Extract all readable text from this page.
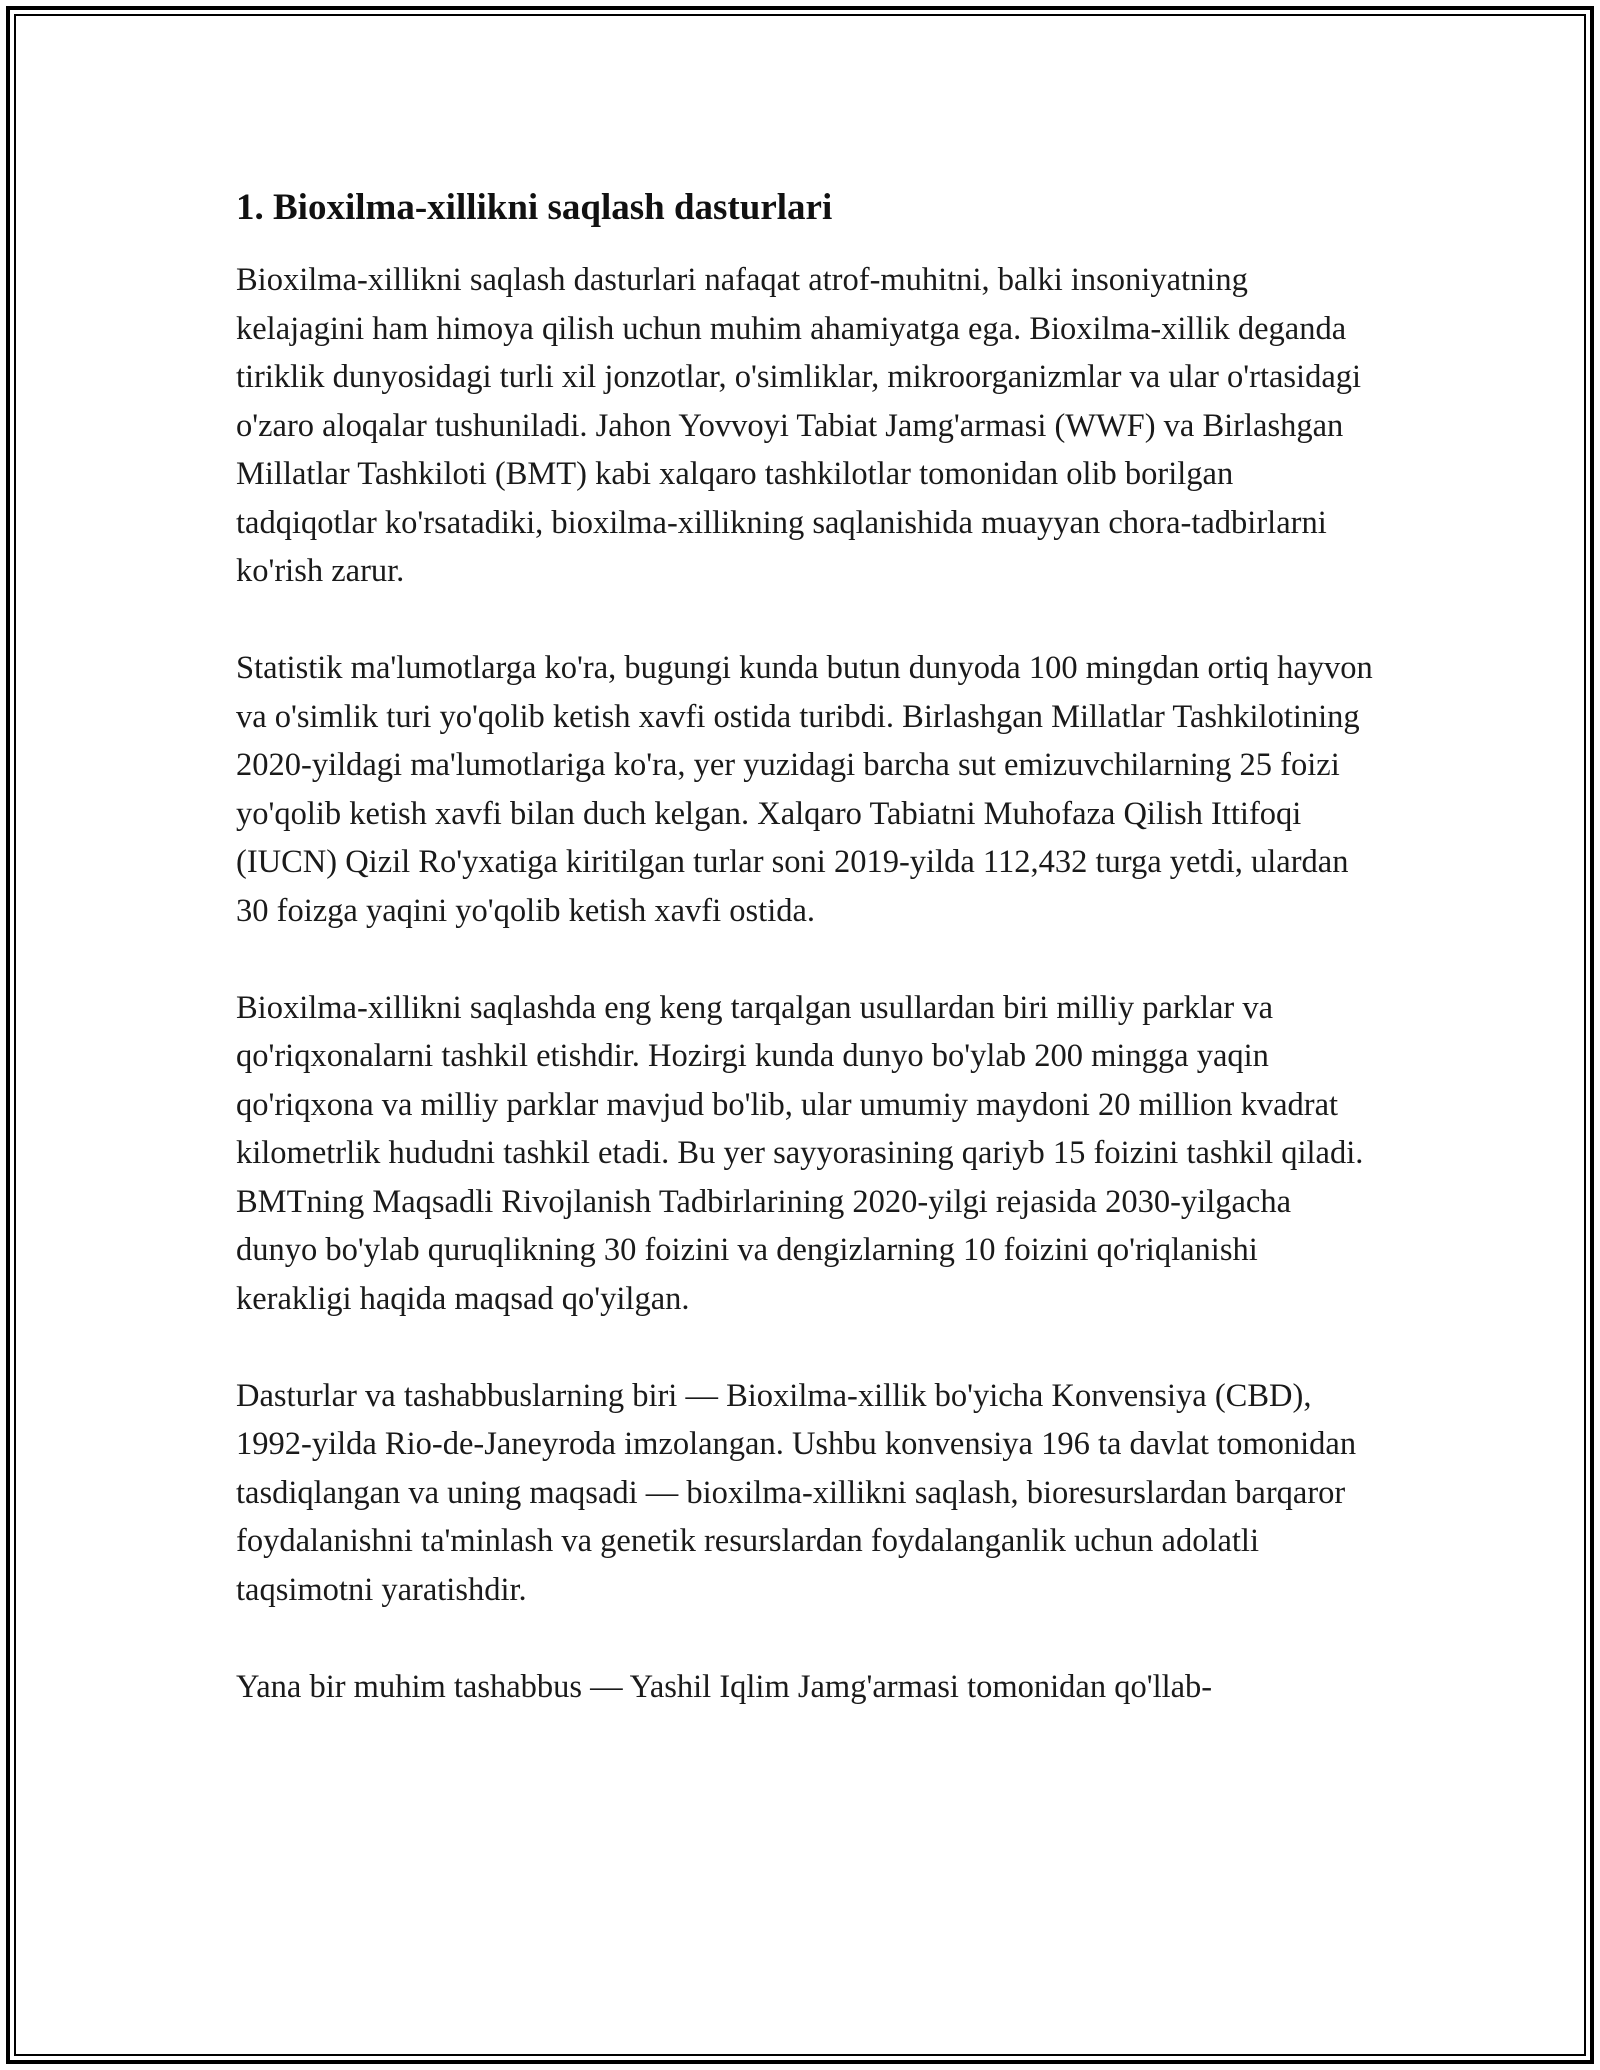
1. Bioxilma-xillikni saqlash dasturlari

Bioxilma-xillikni saqlash dasturlari nafaqat atrof-muhitni, balki insoniyatning kelajagini ham himoya qilish uchun muhim ahamiyatga ega. Bioxilma-xillik deganda tiriklik dunyosidagi turli xil jonzotlar, o'simliklar, mikroorganizmlar va ular o'rtasidagi o'zaro aloqalar tushuniladi. Jahon Yovvoyi Tabiat Jamg'armasi (WWF) va Birlashgan Millatlar Tashkiloti (BMT) kabi xalqaro tashkilotlar tomonidan olib borilgan tadqiqotlar ko'rsatadiki, bioxilma-xillikning saqlanishida muayyan chora-tadbirlarni ko'rish zarur.

Statistik ma'lumotlarga ko'ra, bugungi kunda butun dunyoda 100 mingdan ortiq hayvon va o'simlik turi yo'qolib ketish xavfi ostida turibdi. Birlashgan Millatlar Tashkilotining 2020-yildagi ma'lumotlariga ko'ra, yer yuzidagi barcha sut emizuvchilarning 25 foizi yo'qolib ketish xavfi bilan duch kelgan. Xalqaro Tabiatni Muhofaza Qilish Ittifoqi (IUCN) Qizil Ro'yxatiga kiritilgan turlar soni 2019-yilda 112,432 turga yetdi, ulardan 30 foizga yaqini yo'qolib ketish xavfi ostida.

Bioxilma-xillikni saqlashda eng keng tarqalgan usullardan biri milliy parklar va qo'riqxonalarni tashkil etishdir. Hozirgi kunda dunyo bo'ylab 200 mingga yaqin qo'riqxona va milliy parklar mavjud bo'lib, ular umumiy maydoni 20 million kvadrat kilometrlik hududni tashkil etadi. Bu yer sayyorasining qariyb 15 foizini tashkil qiladi. BMTning Maqsadli Rivojlanish Tadbirlarining 2020-yilgi rejasida 2030-yilgacha dunyo bo'ylab quruqlikning 30 foizini va dengizlarning 10 foizini qo'riqlanishi kerakligi haqida maqsad qo'yilgan.

Dasturlar va tashabbuslarning biri — Bioxilma-xillik bo'yicha Konvensiya (CBD), 1992-yilda Rio-de-Janeyroda imzolangan. Ushbu konvensiya 196 ta davlat tomonidan tasdiqlangan va uning maqsadi — bioxilma-xillikni saqlash, bioresurslardan barqaror foydalanishni ta'minlash va genetik resurslardan foydalanganlik uchun adolatli taqsimotni yaratishdir.

Yana bir muhim tashabbus — Yashil Iqlim Jamg'armasi tomonidan qo'llab-
